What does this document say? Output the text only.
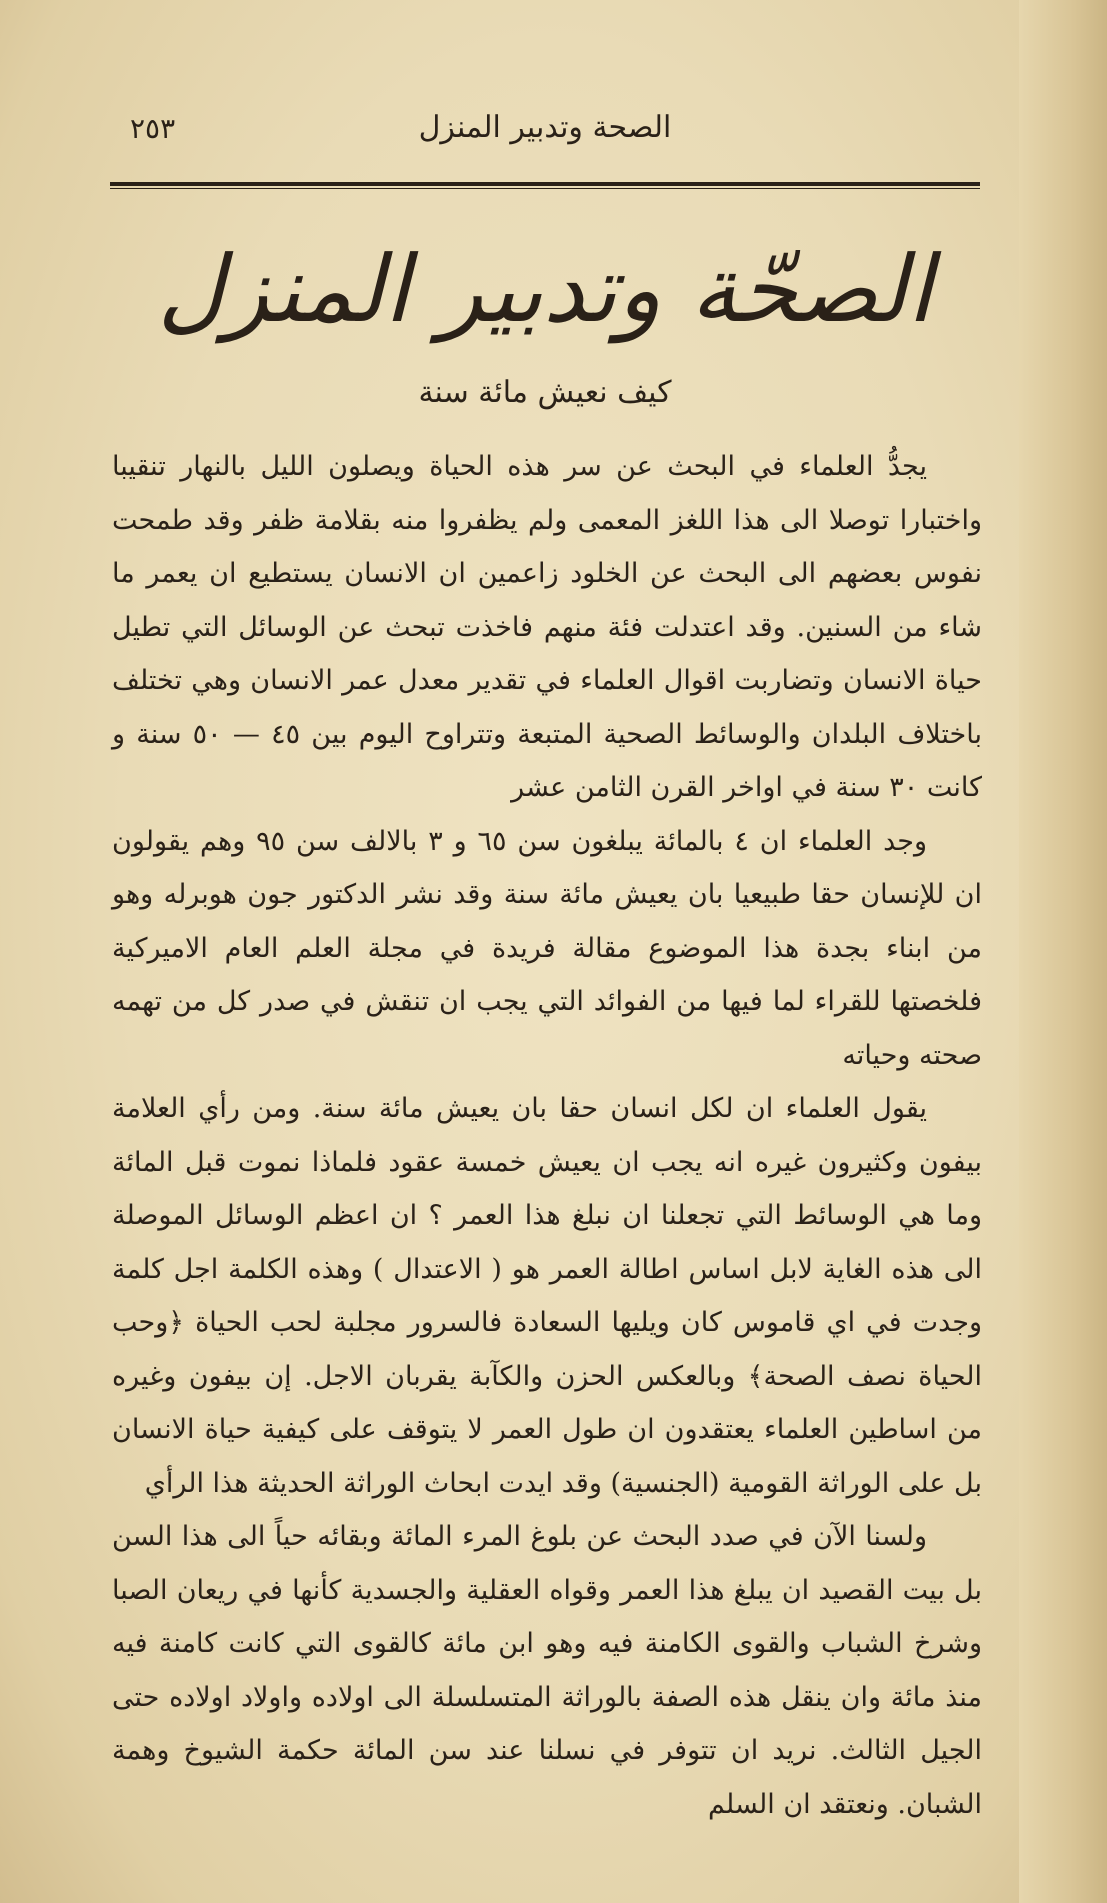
الصحة وتدبير المنزل
٢٥٣
الصحّة وتدبير المنزل
كيف نعيش مائة سنة

يجدُّ العلماء في البحث عن سر هذه الحياة ويصلون الليل بالنهار تنقيبا واختبارا توصلا الى هذا اللغز المعمى ولم يظفروا منه بقلامة ظفر وقد طمحت نفوس بعضهم الى البحث عن الخلود زاعمين ان الانسان يستطيع ان يعمر ما شاء من السنين. وقد اعتدلت فئة منهم فاخذت تبحث عن الوسائل التي تطيل حياة الانسان وتضاربت اقوال العلماء في تقدير معدل عمر الانسان وهي تختلف باختلاف البلدان والوسائط الصحية المتبعة وتتراوح اليوم بين ٤٥ — ٥٠ سنة و كانت ٣٠ سنة في اواخر القرن الثامن عشر

وجد العلماء ان ٤ بالمائة يبلغون سن ٦٥ و ٣ بالالف سن ٩٥ وهم يقولون ان للإنسان حقا طبيعيا بان يعيش مائة سنة وقد نشر الدكتور جون هوبرله وهو من ابناء بجدة هذا الموضوع مقالة فريدة في مجلة العلم العام الاميركية فلخصتها للقراء لما فيها من الفوائد التي يجب ان تنقش في صدر كل من تهمه صحته وحياته

يقول العلماء ان لكل انسان حقا بان يعيش مائة سنة. ومن رأي العلامة بيفون وكثيرون غيره انه يجب ان يعيش خمسة عقود فلماذا نموت قبل المائة وما هي الوسائط التي تجعلنا ان نبلغ هذا العمر ؟ ان اعظم الوسائل الموصلة الى هذه الغاية لابل اساس اطالة العمر هو ( الاعتدال ) وهذه الكلمة اجل كلمة وجدت في اي قاموس كان ويليها السعادة فالسرور مجلبة لحب الحياة ﴿وحب الحياة نصف الصحة﴾ وبالعكس الحزن والكآبة يقربان الاجل. إن بيفون وغيره من اساطين العلماء يعتقدون ان طول العمر لا يتوقف على كيفية حياة الانسان بل على الوراثة القومية (الجنسية) وقد ايدت ابحاث الوراثة الحديثة هذا الرأي

ولسنا الآن في صدد البحث عن بلوغ المرء المائة وبقائه حياً الى هذا السن بل بيت القصيد ان يبلغ هذا العمر وقواه العقلية والجسدية كأنها في ريعان الصبا وشرخ الشباب والقوى الكامنة فيه وهو ابن مائة كالقوى التي كانت كامنة فيه منذ مائة وان ينقل هذه الصفة بالوراثة المتسلسلة الى اولاده واولاد اولاده حتى الجيل الثالث. نريد ان تتوفر في نسلنا عند سن المائة حكمة الشيوخ وهمة الشبان. ونعتقد ان السلم
